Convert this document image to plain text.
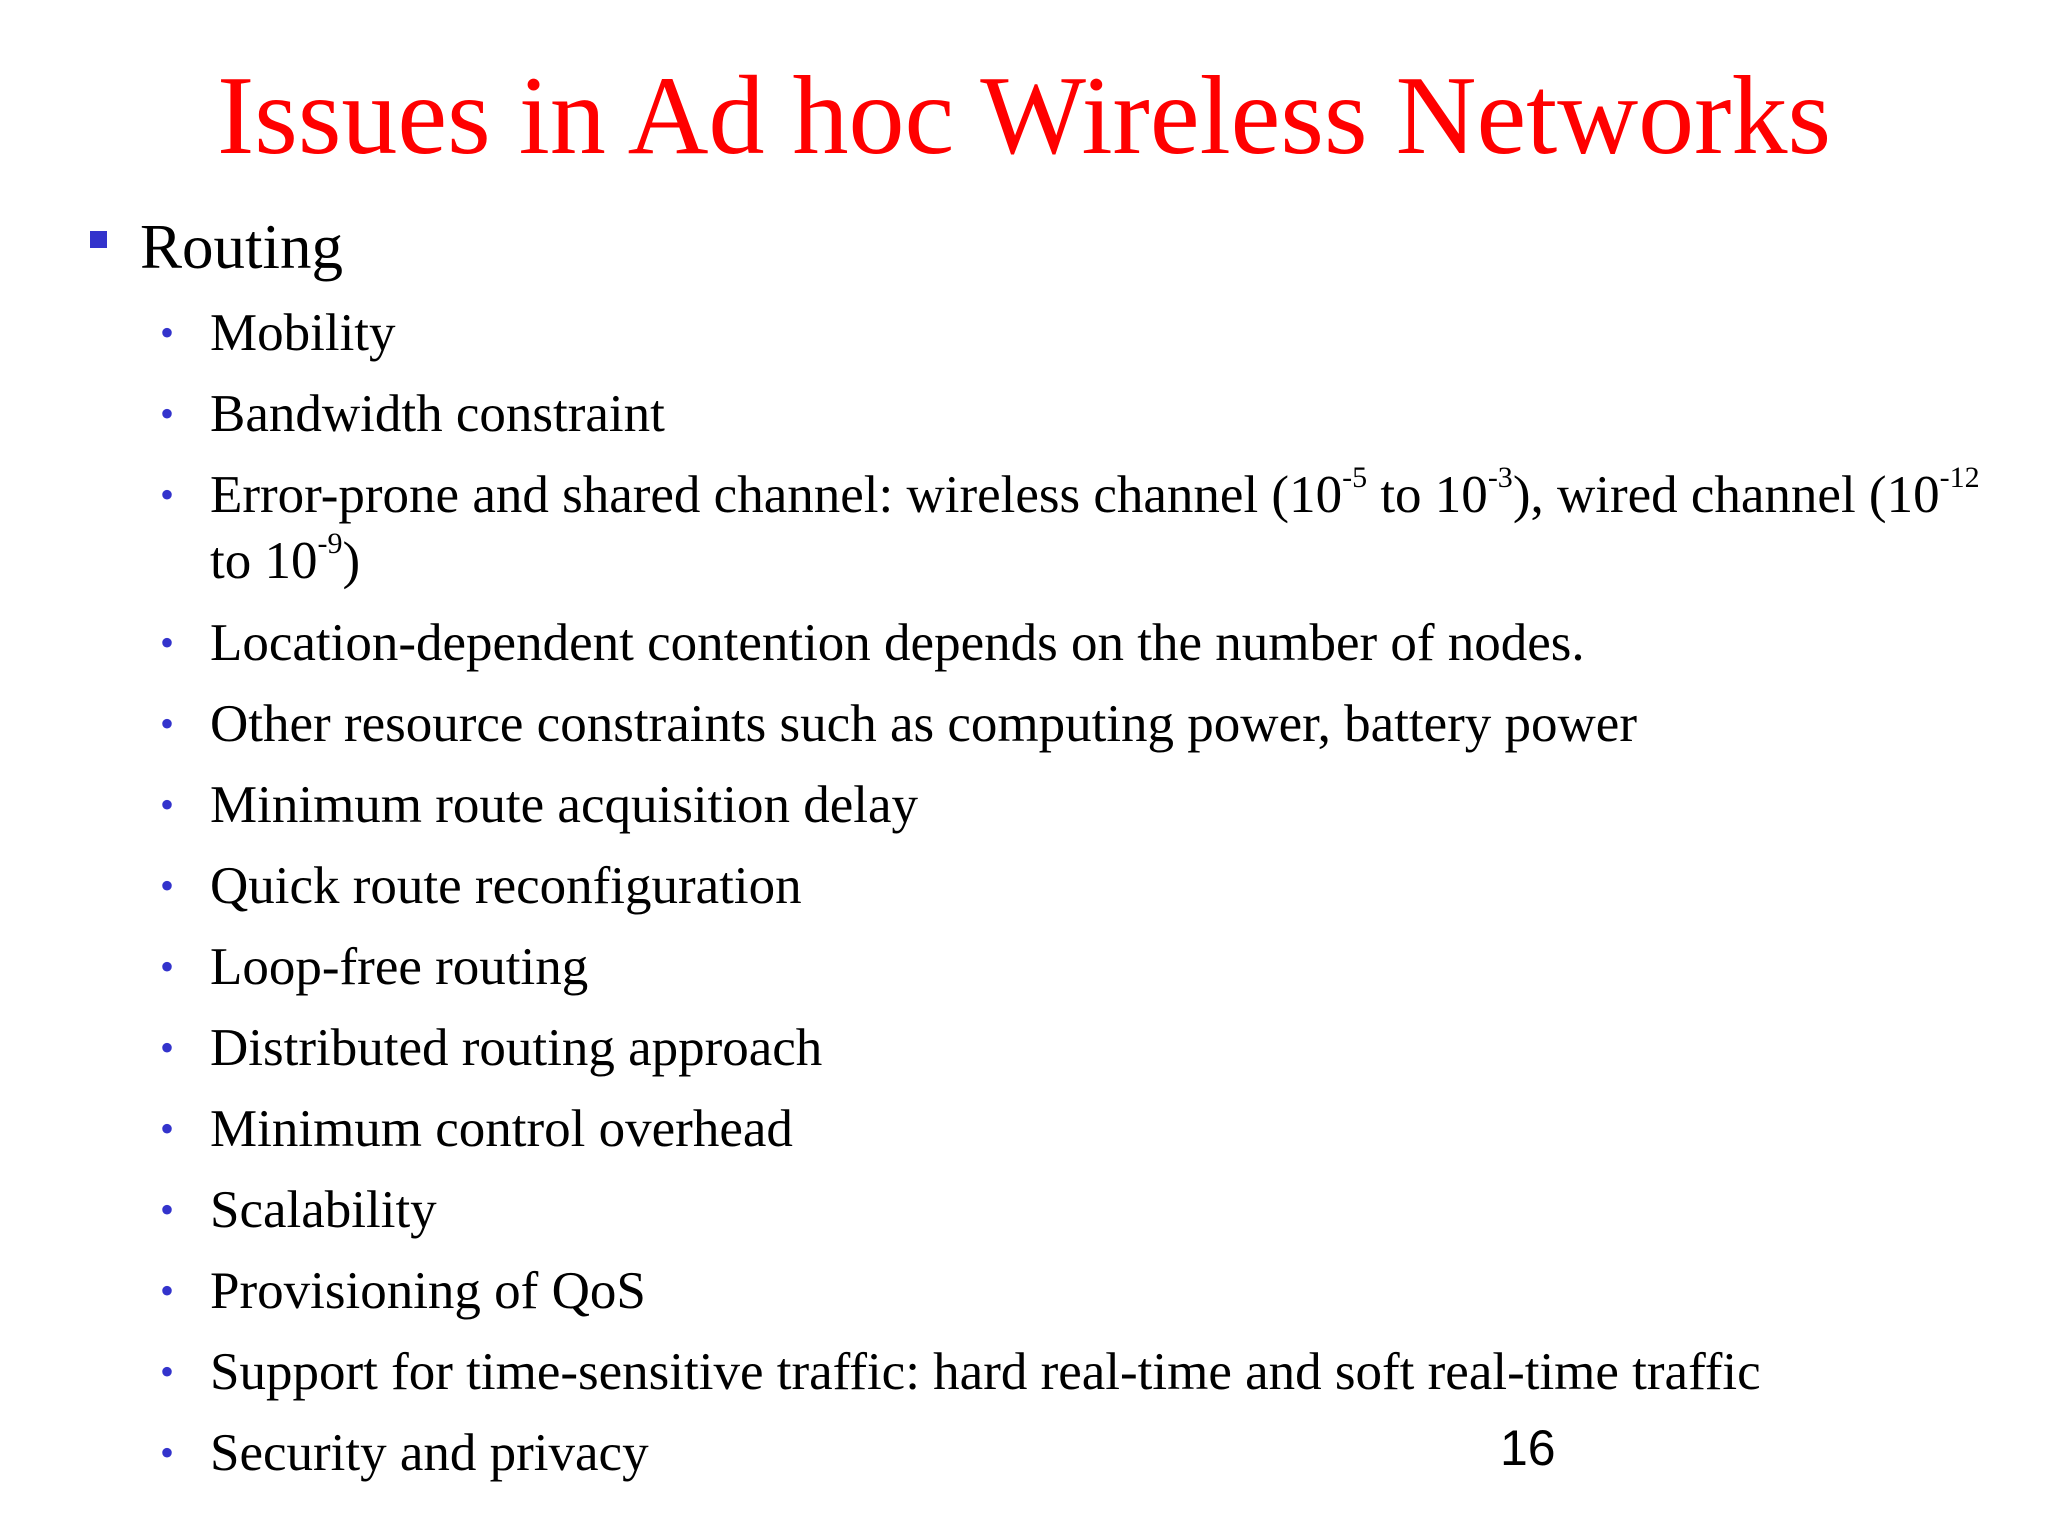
Issues in Ad hoc Wireless Networks
Routing
• Mobility
• Bandwidth constraint
• Error-prone and shared channel: wireless channel ($10^{-5}$ to $10^{-3}$), wired channel ($10^{-12}$ to $10^{-9}$)
• Location-dependent contention depends on the number of nodes.
• Other resource constraints such as computing power, battery power
• Minimum route acquisition delay
• Quick route reconfiguration
• Loop-free routing
• Distributed routing approach
• Minimum control overhead
• Scalability
• Provisioning of QoS
• Support for time-sensitive traffic: hard real-time and soft real-time traffic
• Security and privacy	16
